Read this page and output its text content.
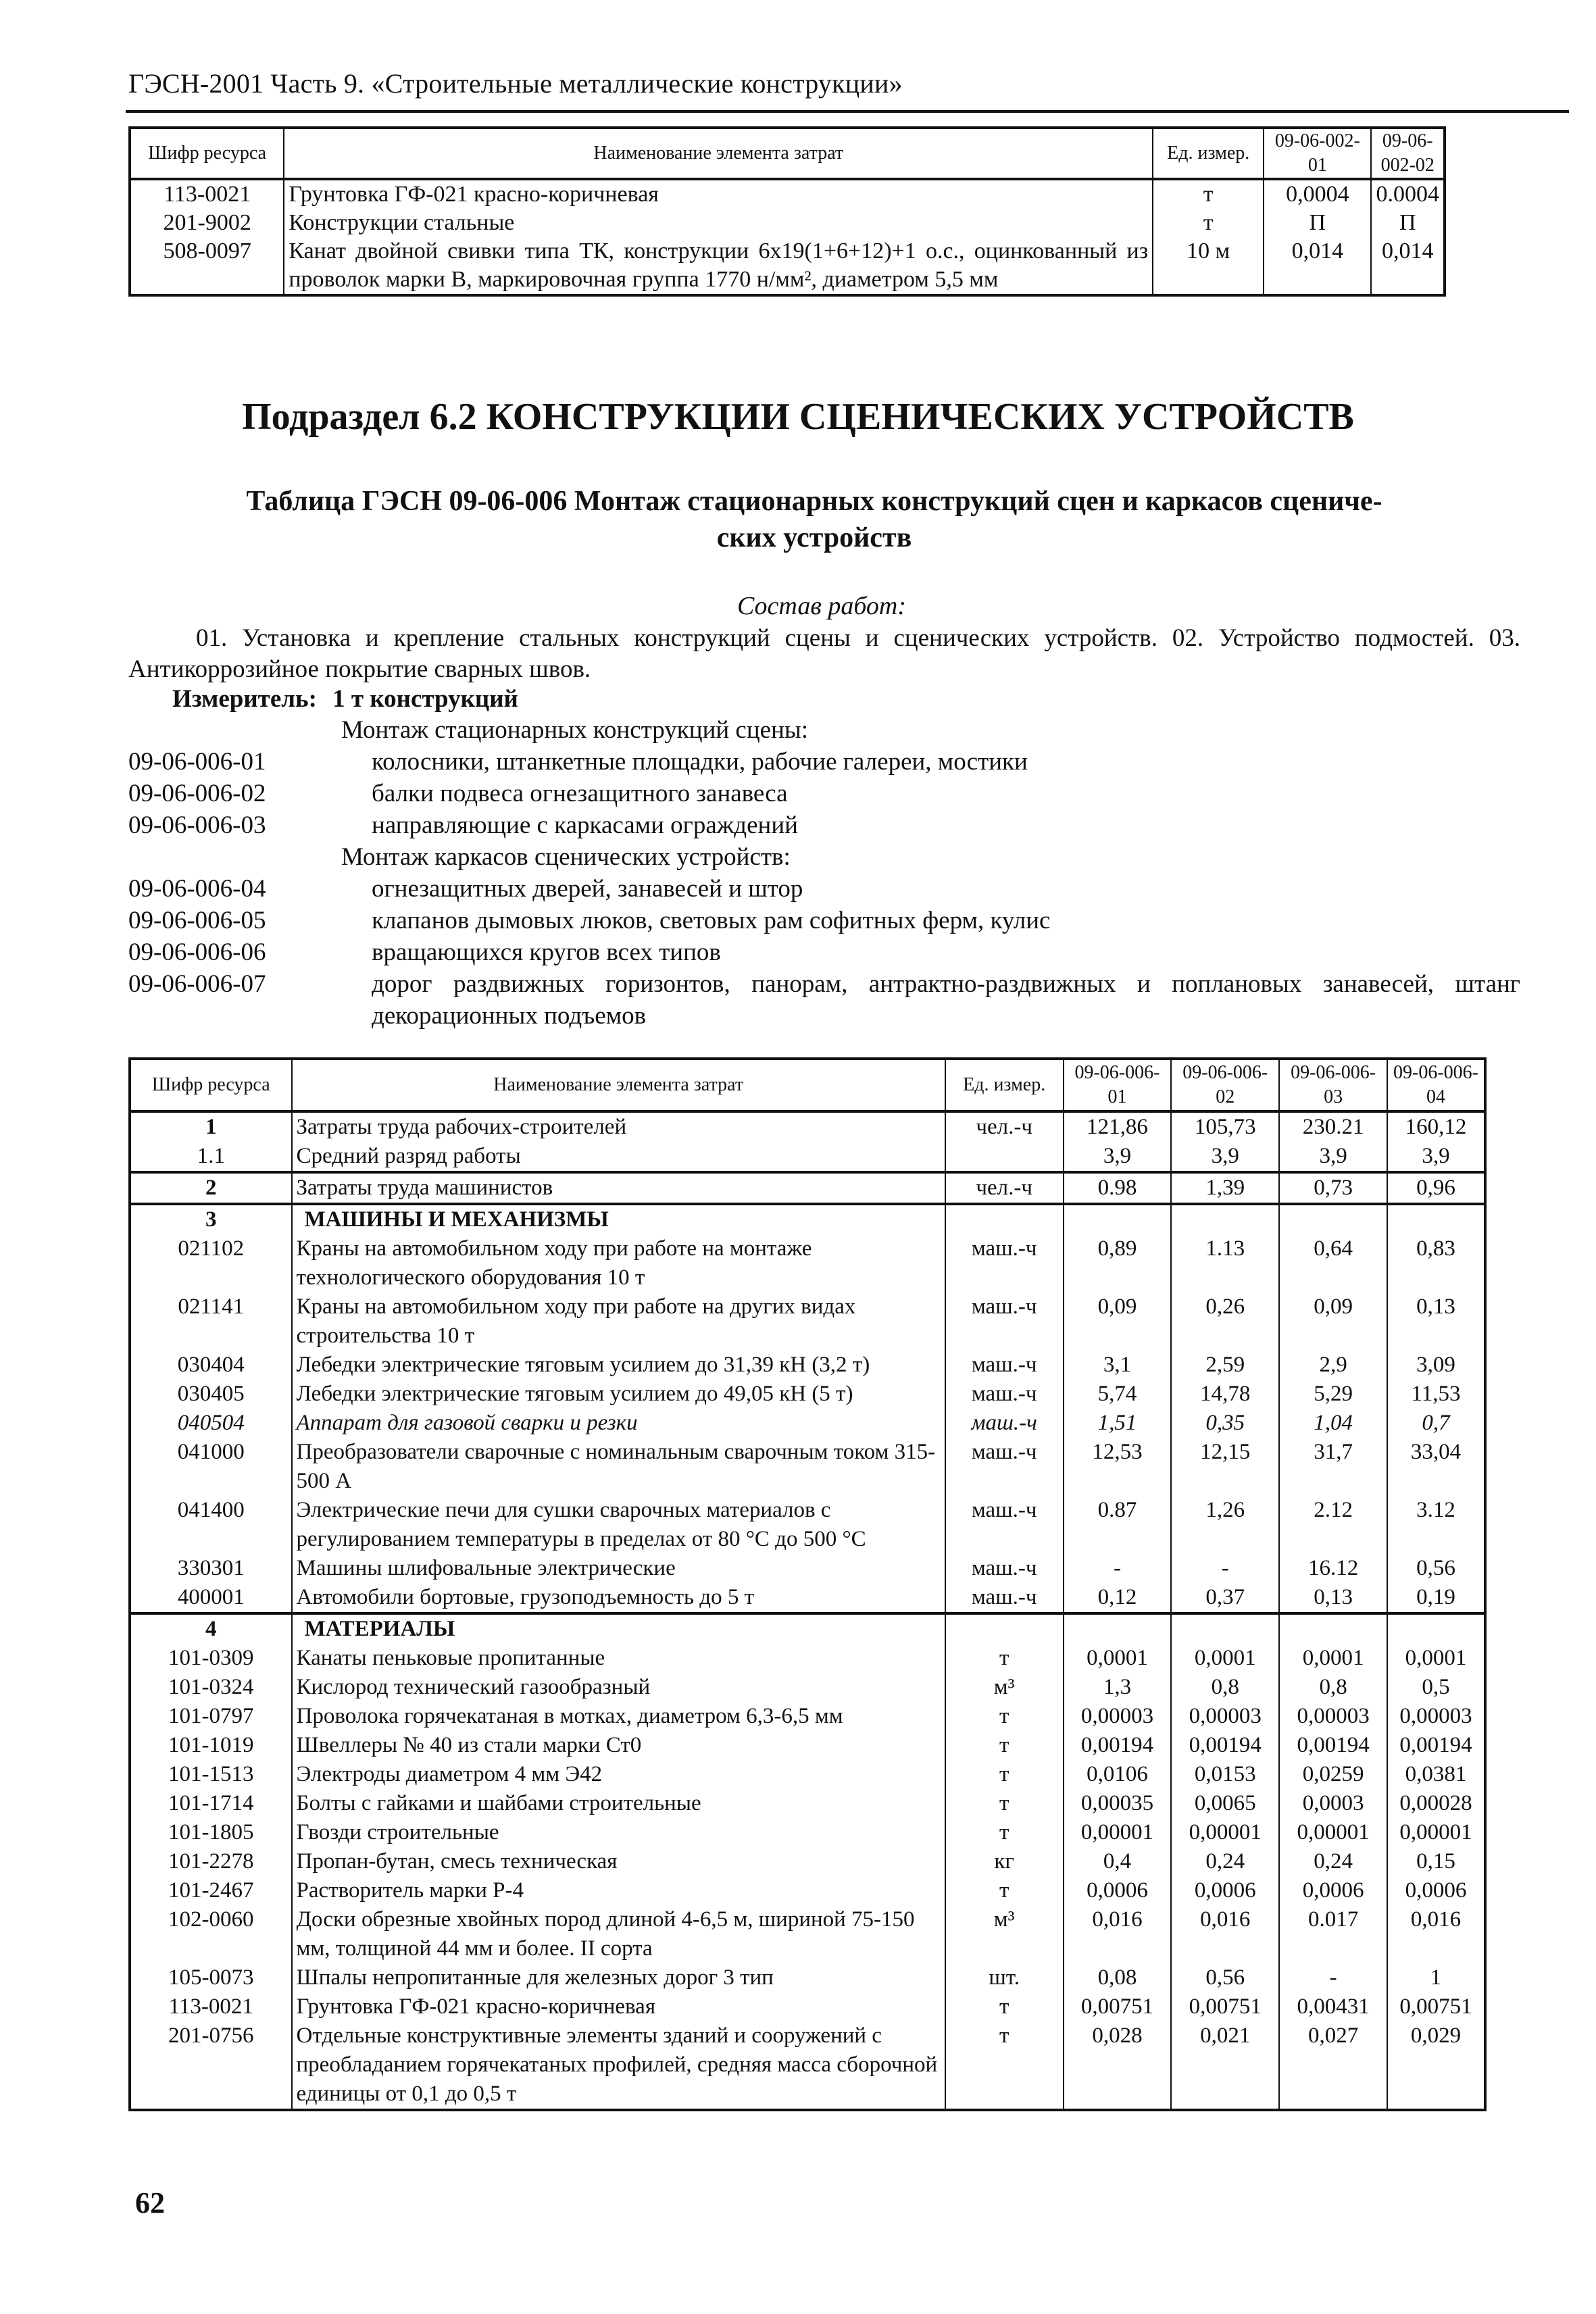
ГЭСН-2001 Часть 9. «Строительные металлические конструкции»
Шифр ресурса	Наименование элемента затрат	Ед. измер.	09-06-002-01	09-06-002-02
113-0021	Грунтовка ГФ-021 красно-коричневая	т	0,0004	0.0004
201-9002	Конструкции стальные	т	П	П
508-0097	Канат двойной свивки типа ТК, конструкции 6х19(1+6+12)+1 о.с., оцинкованный из проволок марки В, маркировочная группа 1770 н/мм², диаметром 5,5 мм	10 м	0,014	0,014
Подраздел 6.2 КОНСТРУКЦИИ СЦЕНИЧЕСКИХ УСТРОЙСТВ
Таблица ГЭСН 09-06-006 Монтаж стационарных конструкций сцен и каркасов сцениче-
ских устройств
Состав работ:
01. Установка и крепление стальных конструкций сцены и сценических устройств. 02. Устройство подмостей. 03. Антикоррозийное покрытие сварных швов.
Измеритель: 1 т конструкций
Монтаж стационарных конструкций сцены:
09-06-006-01	колосники, штанкетные площадки, рабочие галереи, мостики
09-06-006-02	балки подвеса огнезащитного занавеса
09-06-006-03	направляющие с каркасами ограждений
Монтаж каркасов сценических устройств:
09-06-006-04	огнезащитных дверей, занавесей и штор
09-06-006-05	клапанов дымовых люков, световых рам софитных ферм, кулис
09-06-006-06	вращающихся кругов всех типов
09-06-006-07	дорог раздвижных горизонтов, панорам, антрактно-раздвижных и поплановых занавесей, штанг декорационных подъемов
Шифр ресурса	Наименование элемента затрат	Ед. измер.	09-06-006-01	09-06-006-02	09-06-006-03	09-06-006-04
1	Затраты труда рабочих-строителей	чел.-ч	121,86	105,73	230.21	160,12
1.1	Средний разряд работы		3,9	3,9	3,9	3,9
2	Затраты труда машинистов	чел.-ч	0.98	1,39	0,73	0,96
3	МАШИНЫ И МЕХАНИЗМЫ					
021102	Краны на автомобильном ходу при работе на монтаже технологического оборудования 10 т	маш.-ч	0,89	1.13	0,64	0,83
021141	Краны на автомобильном ходу при работе на других видах строительства 10 т	маш.-ч	0,09	0,26	0,09	0,13
030404	Лебедки электрические тяговым усилием до 31,39 кН (3,2 т)	маш.-ч	3,1	2,59	2,9	3,09
030405	Лебедки электрические тяговым усилием до 49,05 кН (5 т)	маш.-ч	5,74	14,78	5,29	11,53
040504	Аппарат для газовой сварки и резки	маш.-ч	1,51	0,35	1,04	0,7
041000	Преобразователи сварочные с номинальным сварочным током 315-500 А	маш.-ч	12,53	12,15	31,7	33,04
041400	Электрические печи для сушки сварочных материалов с регулированием температуры в пределах от 80 °С до 500 °С	маш.-ч	0.87	1,26	2.12	3.12
330301	Машины шлифовальные электрические	маш.-ч	-	-	16.12	0,56
400001	Автомобили бортовые, грузоподъемность до 5 т	маш.-ч	0,12	0,37	0,13	0,19
4	МАТЕРИАЛЫ					
101-0309	Канаты пеньковые пропитанные	т	0,0001	0,0001	0,0001	0,0001
101-0324	Кислород технический газообразный	м³	1,3	0,8	0,8	0,5
101-0797	Проволока горячекатаная в мотках, диаметром 6,3-6,5 мм	т	0,00003	0,00003	0,00003	0,00003
101-1019	Швеллеры № 40 из стали марки Ст0	т	0,00194	0,00194	0,00194	0,00194
101-1513	Электроды диаметром 4 мм Э42	т	0,0106	0,0153	0,0259	0,0381
101-1714	Болты с гайками и шайбами строительные	т	0,00035	0,0065	0,0003	0,00028
101-1805	Гвозди строительные	т	0,00001	0,00001	0,00001	0,00001
101-2278	Пропан-бутан, смесь техническая	кг	0,4	0,24	0,24	0,15
101-2467	Растворитель марки Р-4	т	0,0006	0,0006	0,0006	0,0006
102-0060	Доски обрезные хвойных пород длиной 4-6,5 м, шириной 75-150 мм, толщиной 44 мм и более. II сорта	м³	0,016	0,016	0.017	0,016
105-0073	Шпалы непропитанные для железных дорог 3 тип	шт.	0,08	0,56	-	1
113-0021	Грунтовка ГФ-021 красно-коричневая	т	0,00751	0,00751	0,00431	0,00751
201-0756	Отдельные конструктивные элементы зданий и сооружений с преобладанием горячекатаных профилей, средняя масса сборочной единицы от 0,1 до 0,5 т	т	0,028	0,021	0,027	0,029
62
